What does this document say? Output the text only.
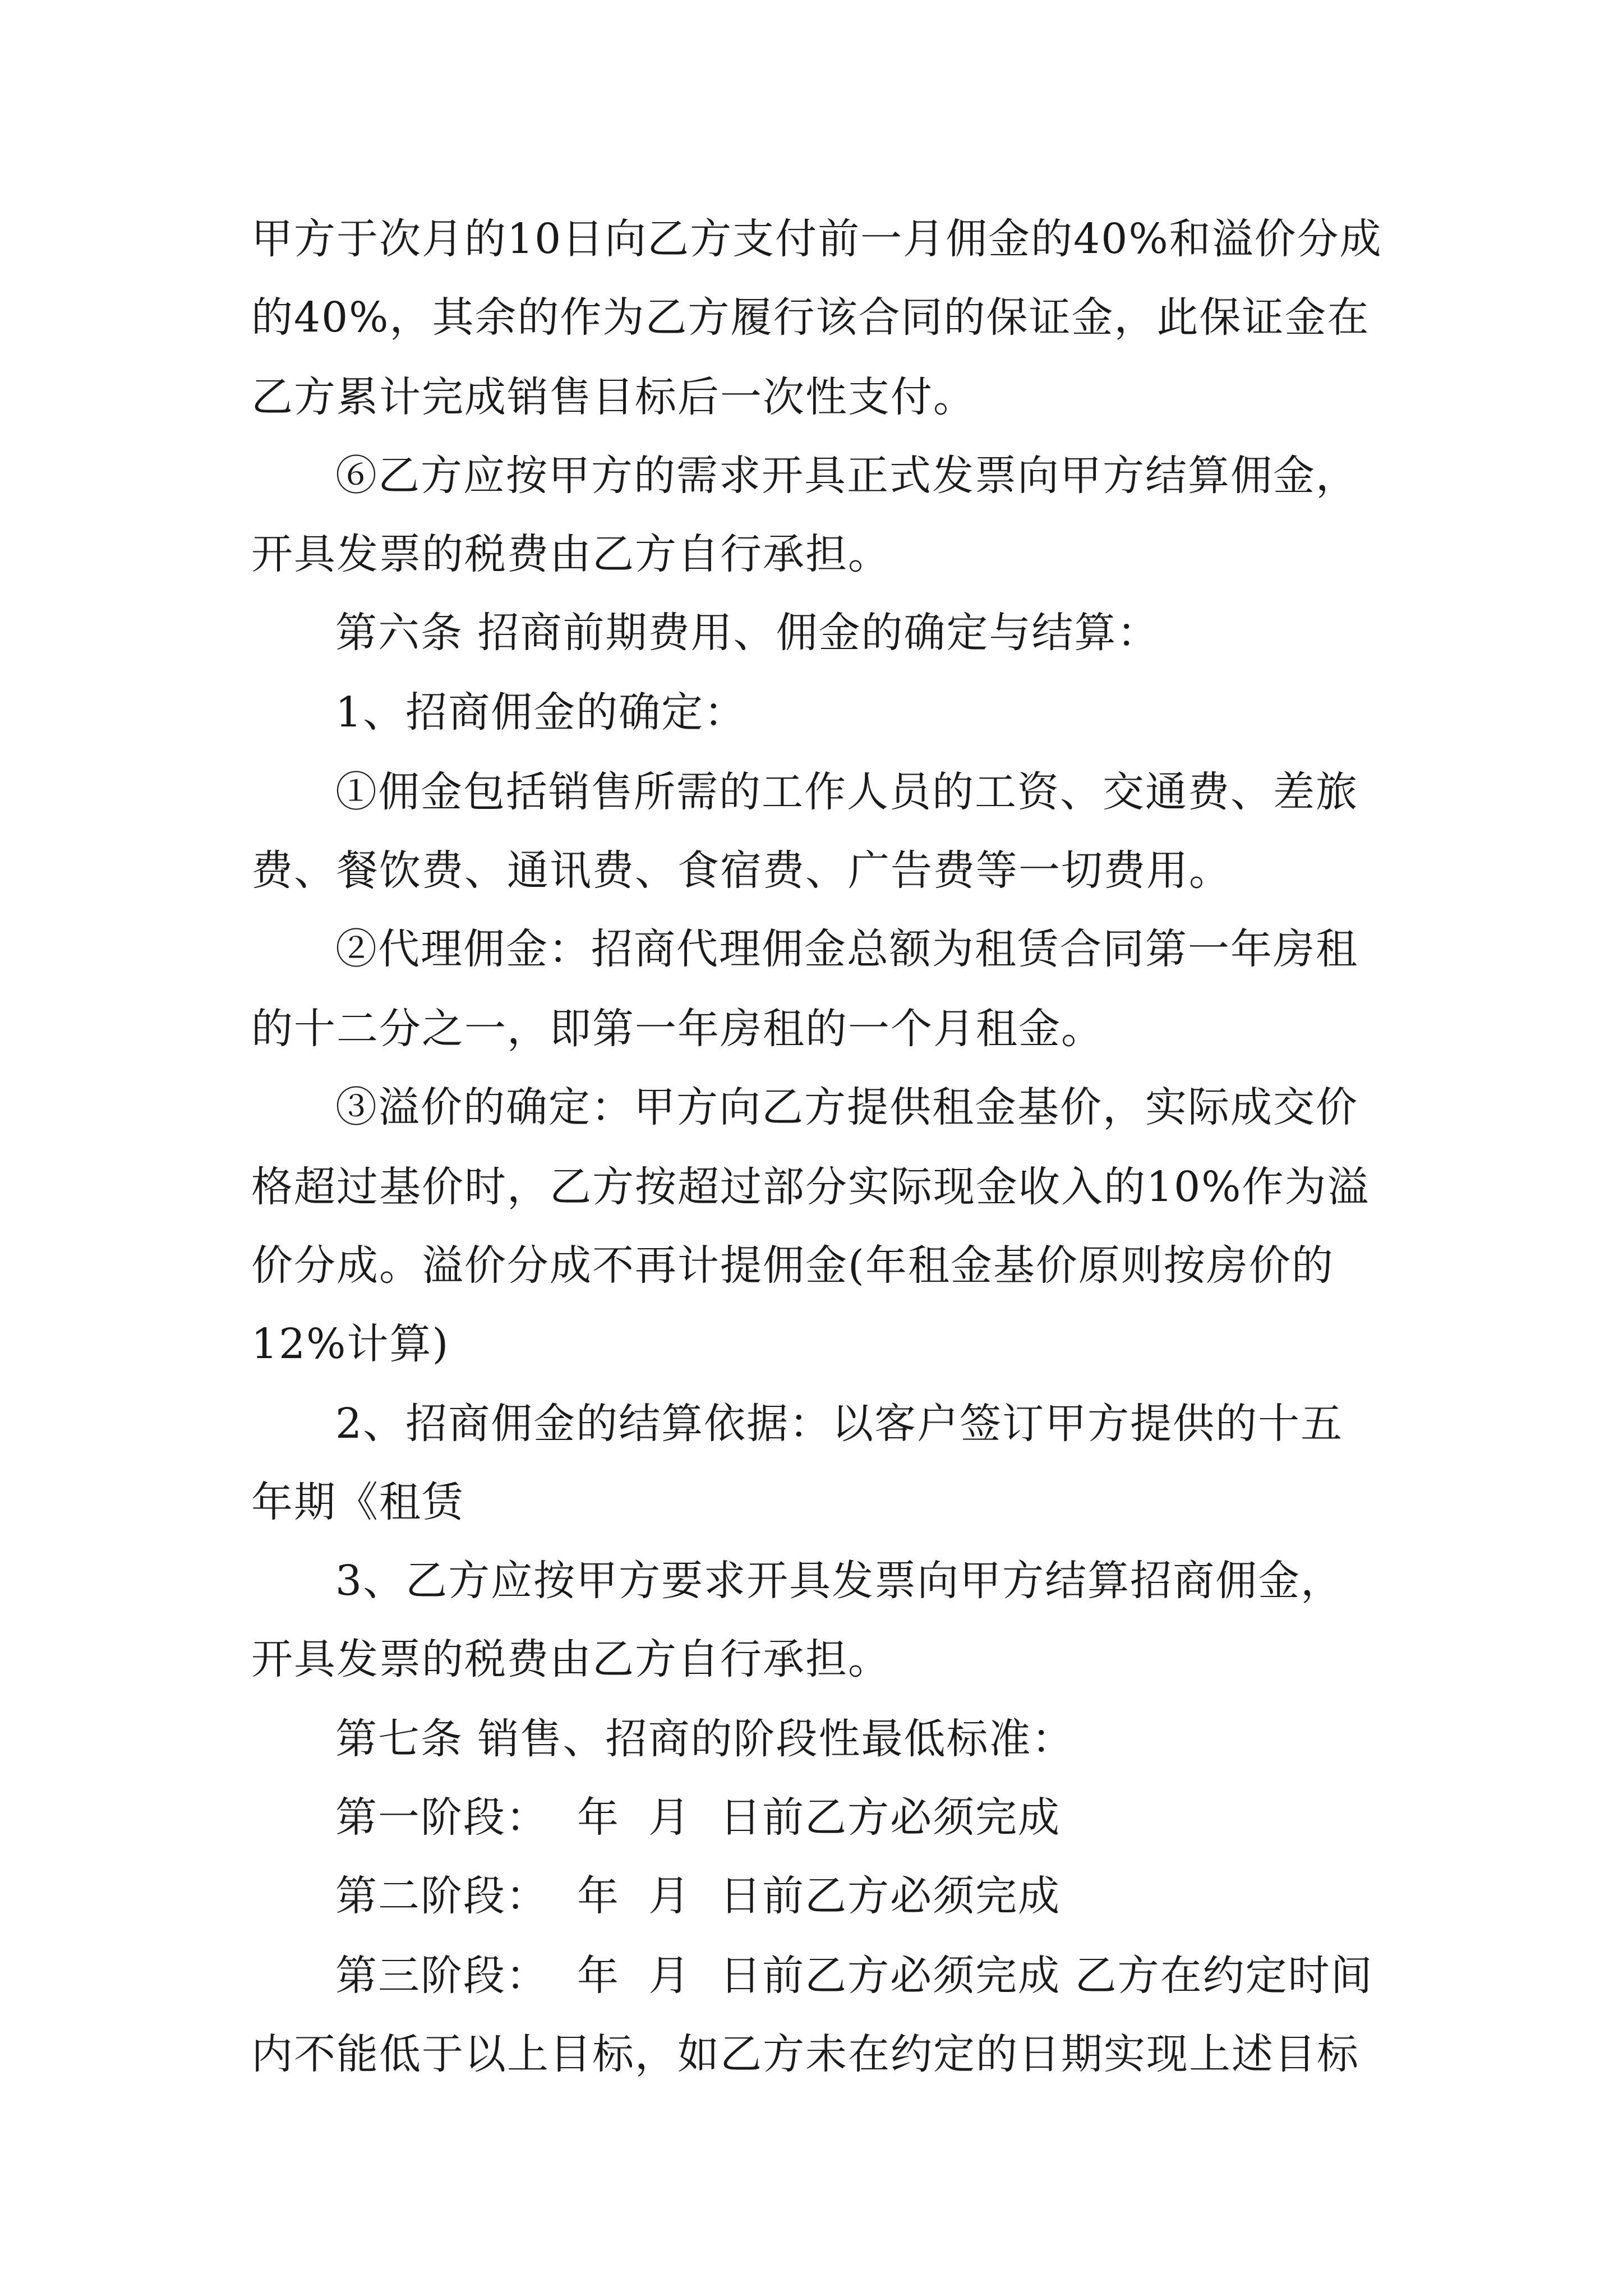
甲方于次月的10日向乙方支付前一月佣金的40%和溢价分成
的40%，其余的作为乙方履行该合同的保证金，此保证金在
乙方累计完成销售目标后一次性支付。
⑥乙方应按甲方的需求开具正式发票向甲方结算佣金，
开具发票的税费由乙方自行承担。
第六条 招商前期费用、佣金的确定与结算：
1、招商佣金的确定：
①佣金包括销售所需的工作人员的工资、交通费、差旅
费、餐饮费、通讯费、食宿费、广告费等一切费用。
②代理佣金：招商代理佣金总额为租赁合同第一年房租
的十二分之一，即第一年房租的一个月租金。
③溢价的确定：甲方向乙方提供租金基价，实际成交价
格超过基价时，乙方按超过部分实际现金收入的10%作为溢
价分成。溢价分成不再计提佣金(年租金基价原则按房价的
12%计算)
2、招商佣金的结算依据：以客户签订甲方提供的十五
年期《租赁
3、乙方应按甲方要求开具发票向甲方结算招商佣金，
开具发票的税费由乙方自行承担。
第七条 销售、招商的阶段性最低标准：
第一阶段：  年  月  日前乙方必须完成
第二阶段：  年  月  日前乙方必须完成
第三阶段：  年  月  日前乙方必须完成 乙方在约定时间
内不能低于以上目标，如乙方未在约定的日期实现上述目标
